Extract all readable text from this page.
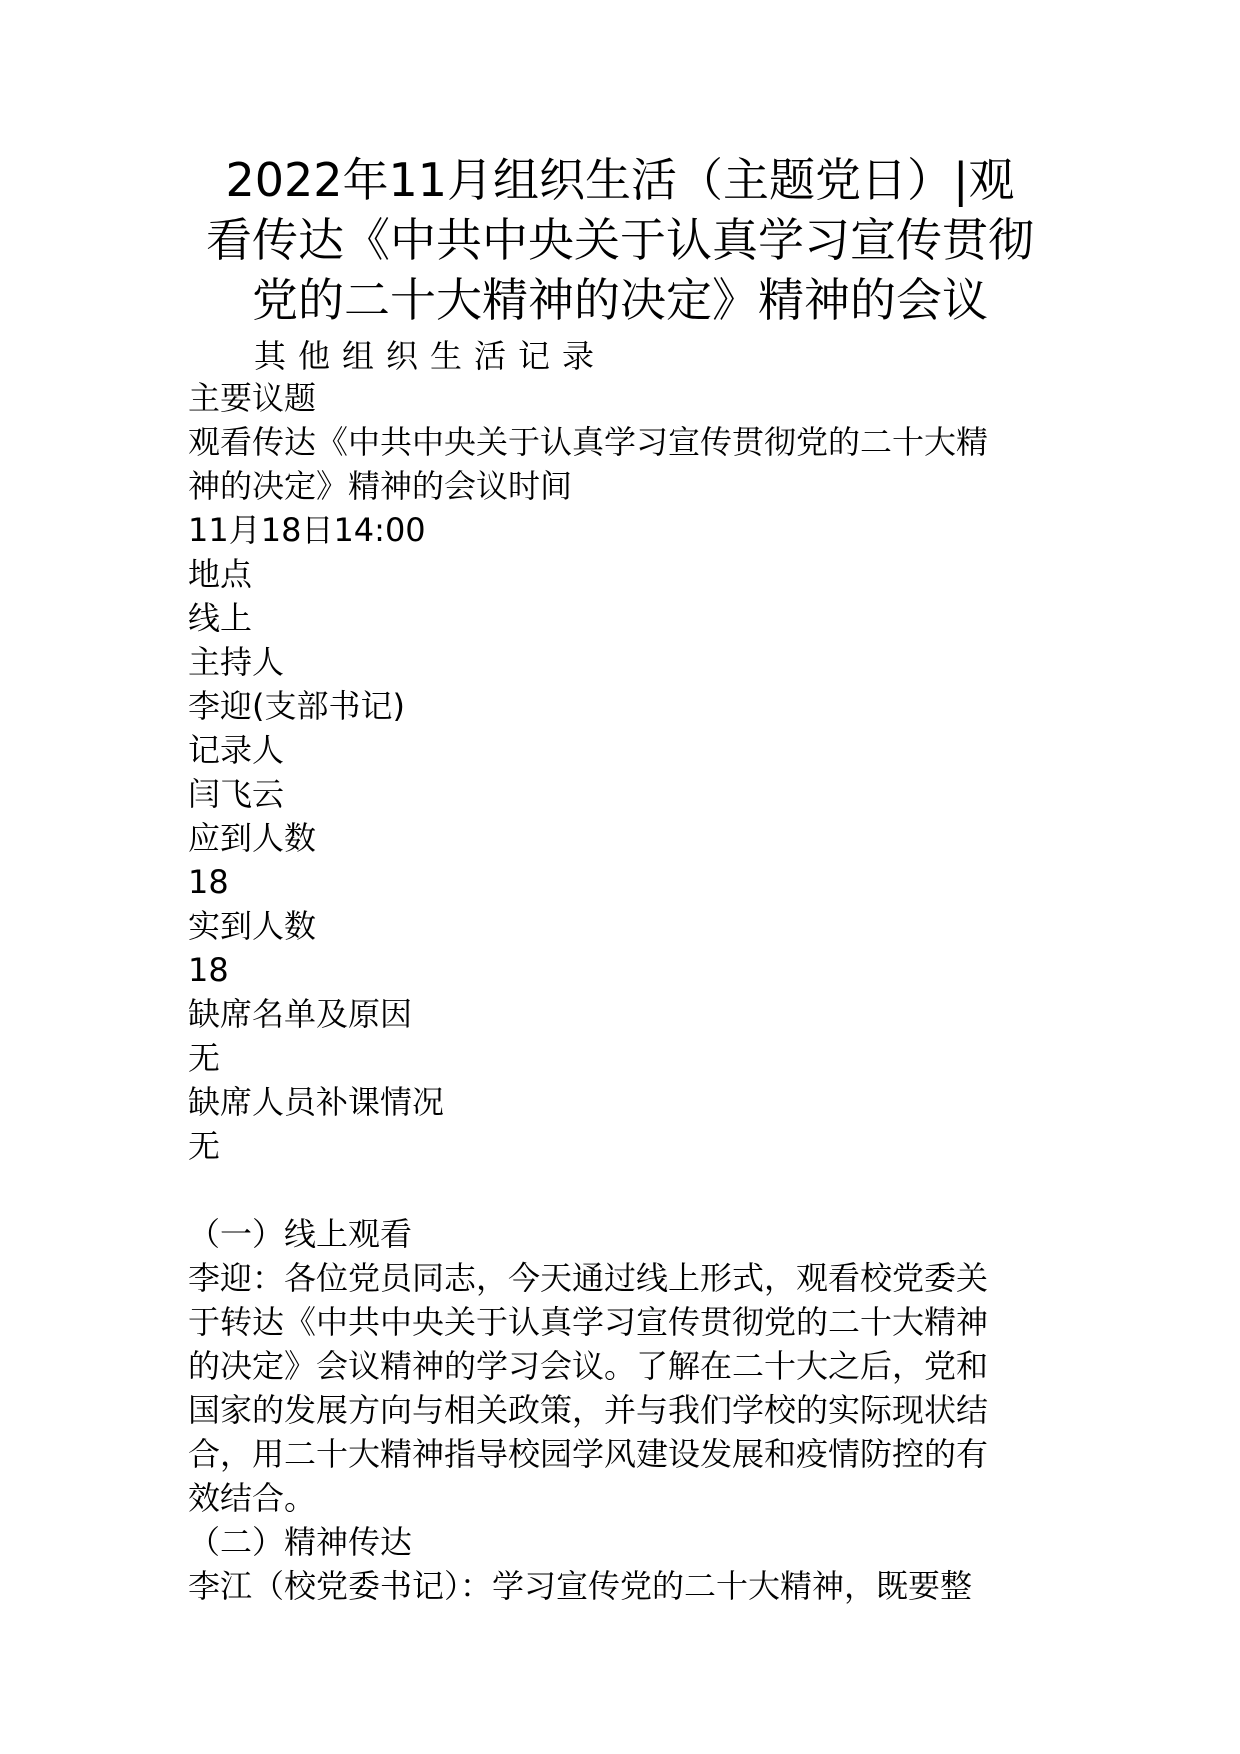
2022年11月组织生活（主题党日）|观
看传达《中共中央关于认真学习宣传贯彻
党的二十大精神的决定》精神的会议

其他组织生活记录

主要议题
观看传达《中共中央关于认真学习宣传贯彻党的二十大精
神的决定》精神的会议时间
11月18日14:00
地点
线上
主持人
李迎(支部书记)
记录人
闫飞云
应到人数
18
实到人数
18
缺席名单及原因
无
缺席人员补课情况
无
（一）线上观看
李迎：各位党员同志，今天通过线上形式，观看校党委关
于转达《中共中央关于认真学习宣传贯彻党的二十大精神
的决定》会议精神的学习会议。了解在二十大之后，党和
国家的发展方向与相关政策，并与我们学校的实际现状结
合，用二十大精神指导校园学风建设发展和疫情防控的有
效结合。
（二）精神传达
李江（校党委书记）：学习宣传党的二十大精神，既要整
